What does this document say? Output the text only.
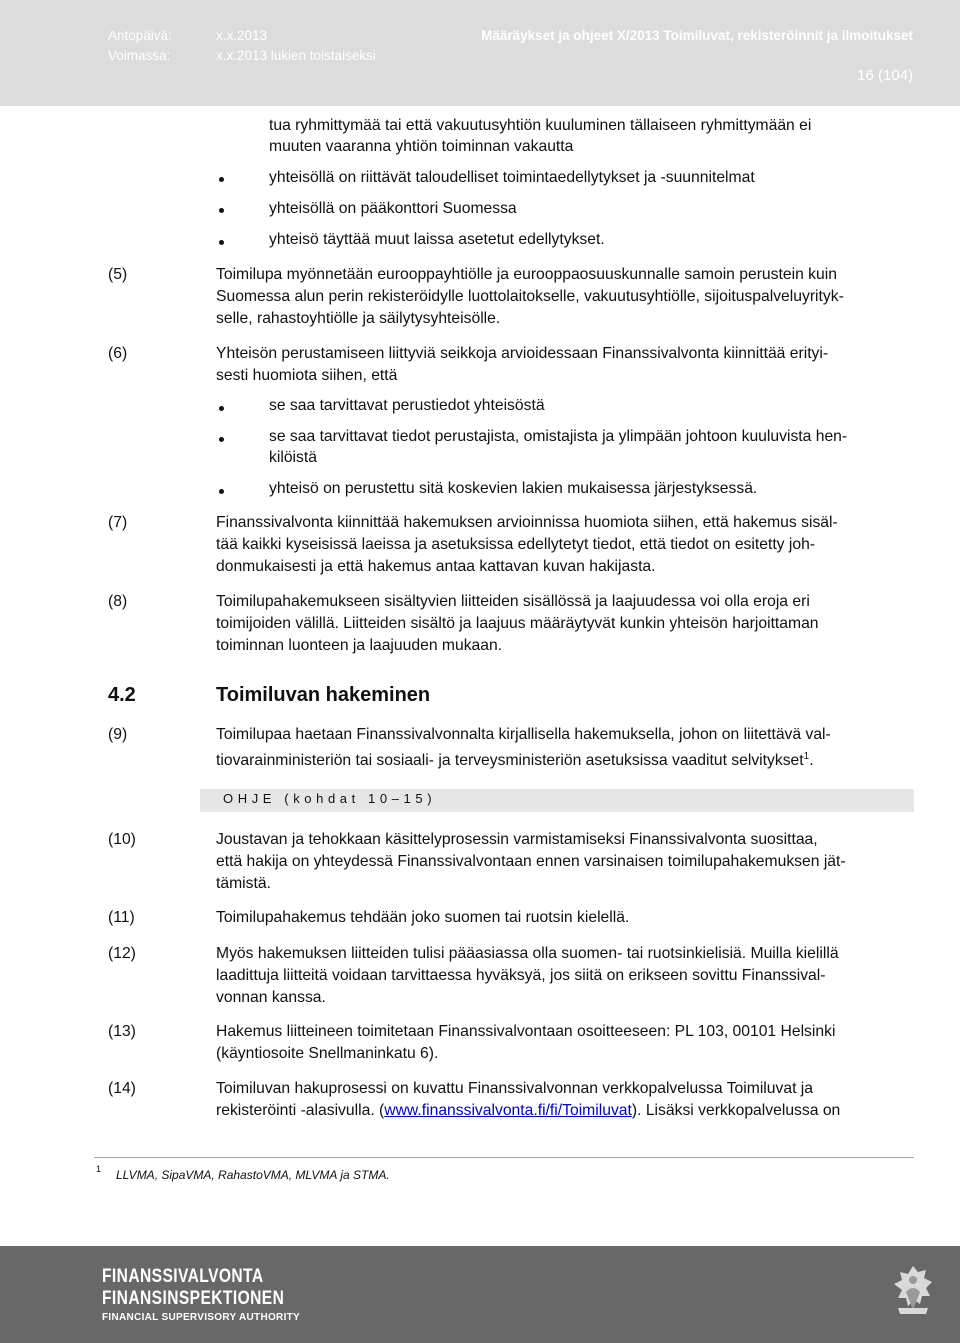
Antopäivä:	x.x.2013
Voimassa:	x.x.2013 lukien toistaiseksi
Määräykset ja ohjeet X/2013 Toimiluvat, rekisteröinnit ja ilmoitukset
16 (104)
tua ryhmittymää tai että vakuutusyhtiön kuuluminen tällaiseen ryhmittymään ei
muuten vaaranna yhtiön toiminnan vakautta
yhteisöllä on riittävät taloudelliset toimintaedellytykset ja -suunnitelmat
yhteisöllä on pääkonttori Suomessa
yhteisö täyttää muut laissa asetetut edellytykset.
(5)	Toimilupa myönnetään eurooppayhtiölle ja eurooppaosuuskunnalle samoin perustein kuin
Suomessa alun perin rekisteröidylle luottolaitokselle, vakuutusyhtiölle, sijoituspalveluyrityk-
selle, rahastoyhtiölle ja säilytysyhteisölle.
(6)	Yhteisön perustamiseen liittyviä seikkoja arvioidessaan Finanssivalvonta kiinnittää erityi-
sesti huomiota siihen, että
se saa tarvittavat perustiedot yhteisöstä
se saa tarvittavat tiedot perustajista, omistajista ja ylimpään johtoon kuuluvista hen-
kilöistä
yhteisö on perustettu sitä koskevien lakien mukaisessa järjestyksessä.
(7)	Finanssivalvonta kiinnittää hakemuksen arvioinnissa huomiota siihen, että hakemus sisäl-
tää kaikki kyseisissä laeissa ja asetuksissa edellytetyt tiedot, että tiedot on esitetty joh-
donmukaisesti ja että hakemus antaa kattavan kuvan hakijasta.
(8)	Toimilupahakemukseen sisältyvien liitteiden sisällössä ja laajuudessa voi olla eroja eri
toimijoiden välillä. Liitteiden sisältö ja laajuus määräytyvät kunkin yhteisön harjoittaman
toiminnan luonteen ja laajuuden mukaan.
4.2	Toimiluvan hakeminen
(9)	Toimilupaa haetaan Finanssivalvonnalta kirjallisella hakemuksella, johon on liitettävä val-
tiovarainministeriön tai sosiaali- ja terveysministeriön asetuksissa vaaditut selvitykset$^1$.
OHJE (kohdat 10–15)
(10)	Joustavan ja tehokkaan käsittelyprosessin varmistamiseksi Finanssivalvonta suosittaa,
että hakija on yhteydessä Finanssivalvontaan ennen varsinaisen toimilupahakemuksen jät-
tämistä.
(11)	Toimilupahakemus tehdään joko suomen tai ruotsin kielellä.
(12)	Myös hakemuksen liitteiden tulisi pääasiassa olla suomen- tai ruotsinkielisiä. Muilla kielillä
laadittuja liitteitä voidaan tarvittaessa hyväksyä, jos siitä on erikseen sovittu Finanssival-
vonnan kanssa.
(13)	Hakemus liitteineen toimitetaan Finanssivalvontaan osoitteeseen: PL 103, 00101 Helsinki
(käyntiosoite Snellmaninkatu 6).
(14)	Toimiluvan hakuprosessi on kuvattu Finanssivalvonnan verkkopalvelussa Toimiluvat ja
rekisteröinti -alasivulla. (www.finanssivalvonta.fi/fi/Toimiluvat). Lisäksi verkkopalvelussa on
1 LLVMA, SipaVMA, RahastoVMA, MLVMA ja STMA.
FINANSSIVALVONTA
FINANSINSPEKTIONEN
FINANCIAL SUPERVISORY AUTHORITY
